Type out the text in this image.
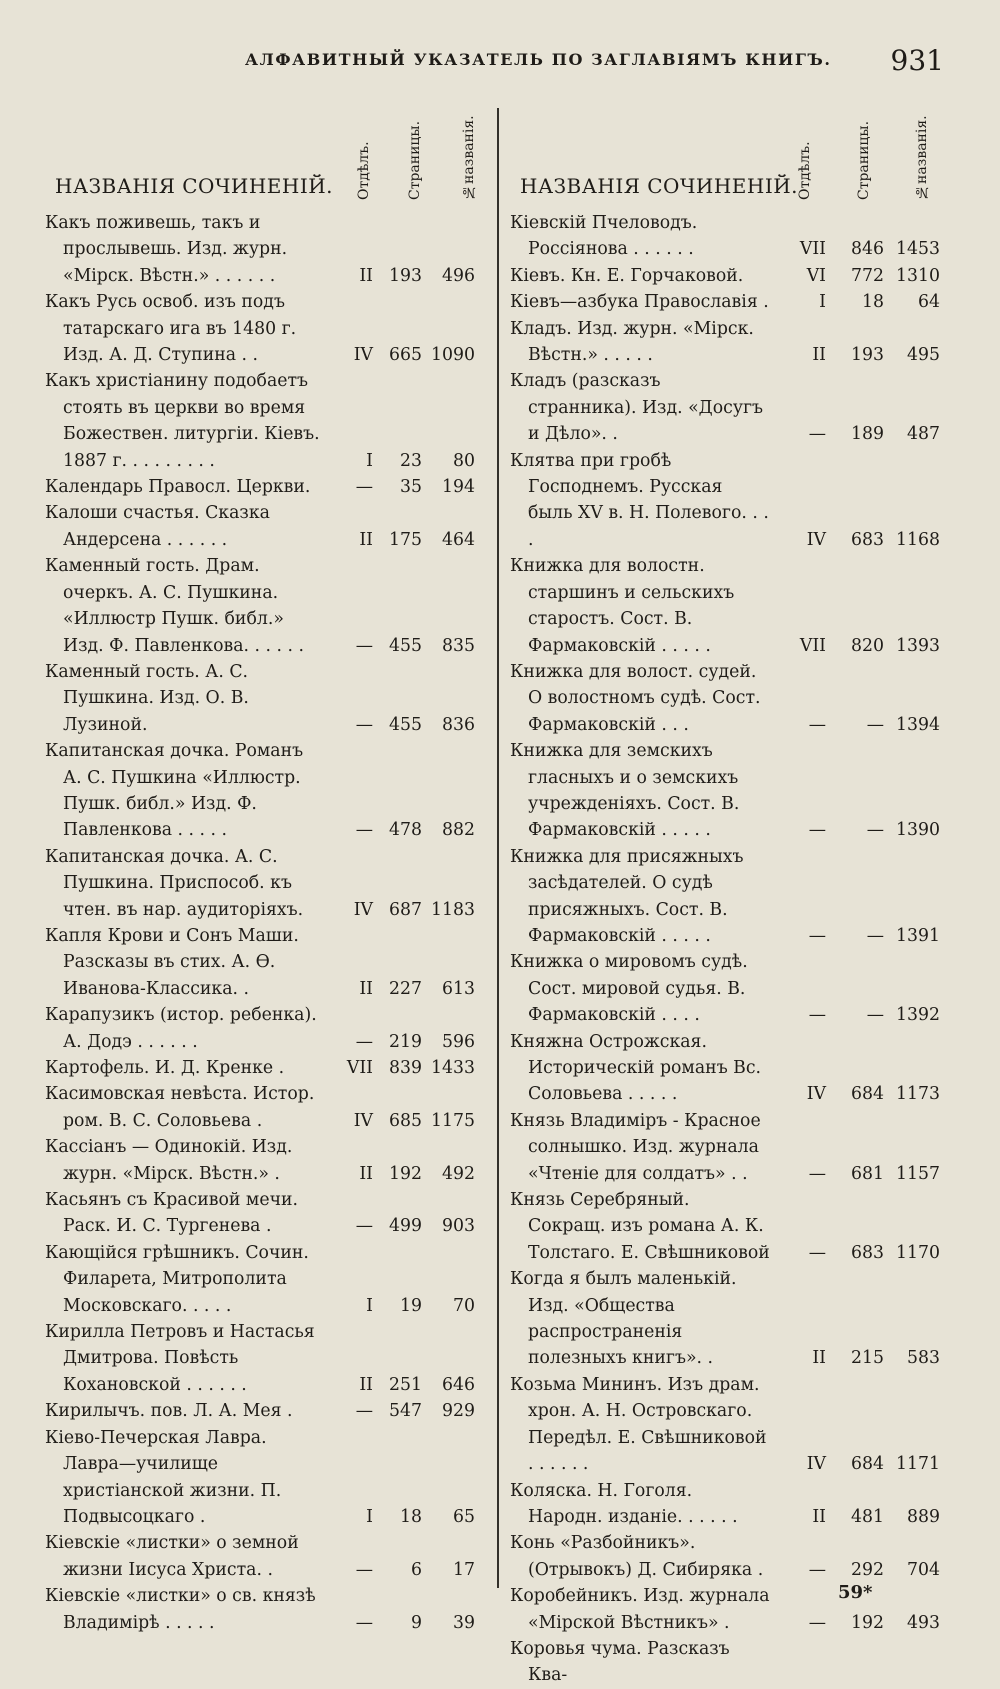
АЛФАВИТНЫЙ УКАЗАТЕЛЬ ПО ЗАГЛАВІЯМЪ КНИГЪ. 931
НАЗВАНІЯ СОЧИНЕНІЙ. Отдѣлъ.	Страницы.	№названія.
Какъ поживешь, такъ и прослывешь. Изд. журн. «Мірск. Вѣстн.» . . . . . .	II 193	496
Какъ Русь освоб. изъ подъ татарскаго ига въ 1480 г. Изд. А. Д. Ступина . .	IV 665 1090
Какъ христіанину подобаетъ стоять въ церкви во время Божествен. литургіи. Кіевъ. 1887 г. . . . . . . . .	I	23	80
Календарь Правосл. Церкви.	—	35	194
Калоши счастья. Сказка Андерсена . . . . . .	II 175	464
Каменный гость. Драм. очеркъ. А. С. Пушкина. «Иллюстр Пушк. библ.» Изд. Ф. Павленкова. . . . . .	— 455	835
Каменный гость. А. С. Пушкина. Изд. О. В. Лузиной.	— 455	836
Капитанская дочка. Романъ А. С. Пушкина «Иллюстр. Пушк. библ.» Изд. Ф. Павленкова . . . . .	— 478	882
Капитанская дочка. А. С. Пушкина. Приспособ. къ чтен. въ нар. аудиторіяхъ.	IV 687 1183
Капля Крови и Сонъ Маши. Разсказы въ стих. А. Ѳ. Иванова-Классика. .	II 227	613
Карапузикъ (истор. ребенка). А. Додэ . . . . . .	— 219	596
Картофель. И. Д. Кренке .	VII 839 1433
Касимовская невѣста. Истор. ром. В. С. Соловьева .	IV 685 1175
Кассіанъ — Одинокій. Изд. журн. «Мірск. Вѣстн.» .	II 192	492
Касьянъ съ Красивой мечи. Раск. И. С. Тургенева .	— 499	903
Кающійся грѣшникъ. Сочин. Филарета, Митрополита Московскаго. . . . .	I	19	70
Кирилла Петровъ и Настасья Дмитрова. Повѣсть Кохановской . . . . . .	II 251	646
Кирилычъ. пов. Л. А. Мея .	— 547	929
Кіево-Печерская Лавра. Лавра—училище христіанской жизни. П. Подвысоцкаго .	I	18	65
Кіевскіе «листки» о земной жизни Іисуса Христа. .	—	6	17
Кіевскіе «листки» о св. князѣ Владимірѣ . . . . .	—	9	39
НАЗВАНІЯ СОЧИНЕНІЙ.
Отдѣлъ.	Страницы.	№названія.
Кіевскій Пчеловодъ. Россіянова . . . . . .	VII	846 1453
Кіевъ. Кн. Е. Горчаковой.	VI	772 1310
Кіевъ—азбука Православія .	I	18	64
Кладъ. Изд. журн. «Мірск. Вѣстн.» . . . . .	II	193	495
Кладъ (разсказъ странника). Изд. «Досугъ и Дѣло». .	—	189	487
Клятва при гробѣ Господнемъ. Русская быль XV в. Н. Полевого. . . .	IV	683 1168
Книжка для волостн. старшинъ и сельскихъ старостъ. Сост. В. Фармаковскій . . . . .	VII	820 1393
Книжка для волост. судей. О волостномъ судѣ. Сост. Фармаковскій . . .	—	— 1394
Книжка для земскихъ гласныхъ и о земскихъ учрежденіяхъ. Сост. В. Фармаковскій . . . . .	—	— 1390
Книжка для присяжныхъ засѣдателей. О судѣ присяжныхъ. Сост. В. Фармаковскій . . . . .	—	— 1391
Книжка о мировомъ судѣ. Сост. мировой судья. В. Фармаковскій . . . .	—	— 1392
Княжна Острожская. Историческій романъ Вс. Соловьева . . . . .	IV	684 1173
Князь Владиміръ - Красное солнышко. Изд. журнала «Чтеніе для солдатъ» . .	—	681 1157
Князь Серебряный. Сокращ. изъ романа А. К. Толстаго. Е. Свѣшниковой	—	683 1170
Когда я былъ маленькій. Изд. «Общества распространенія полезныхъ книгъ». .	II	215	583
Козьма Мининъ. Изъ драм. хрон. А. Н. Островскаго. Передѣл. Е. Свѣшниковой . . . . . .	IV	684 1171
Коляска. Н. Гоголя. Народн. изданіе. . . . . .	II	481	889
Конь «Разбойникъ». (Отрывокъ) Д. Сибиряка .	—	292	704
Коробейникъ. Изд. журнала «Мірской Вѣстникъ» .	—	192	493
Коровья чума. Разсказъ Ква-
59*
